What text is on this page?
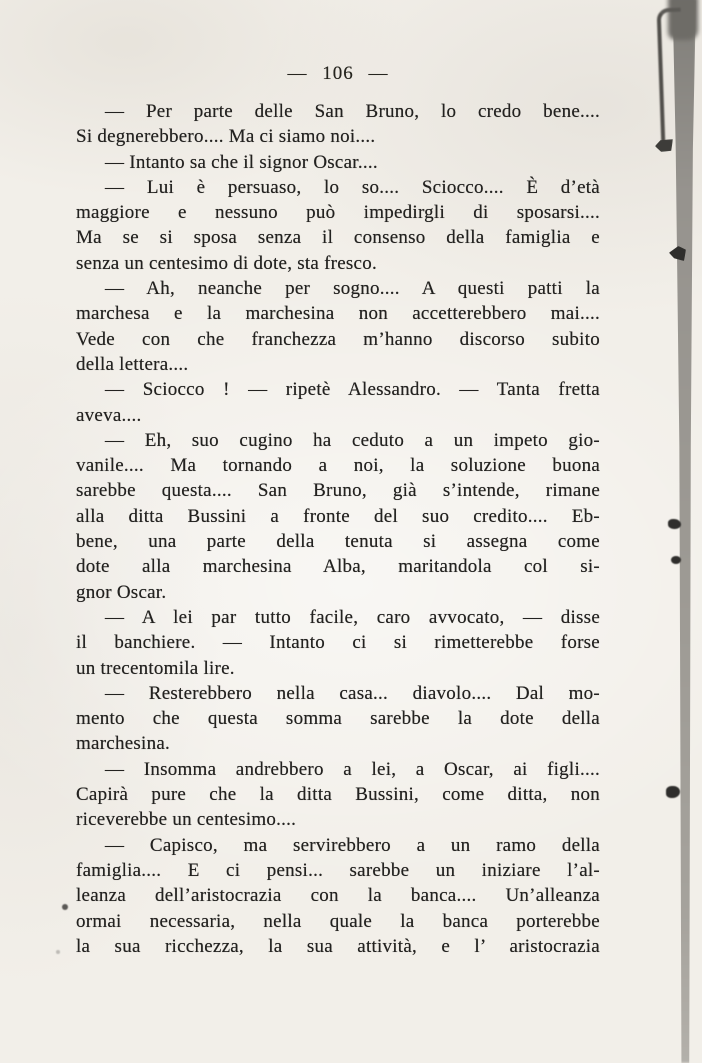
— 106 —
— Per parte delle San Bruno, lo credo bene....
Si degnerebbero.... Ma ci siamo noi....
— Intanto sa che il signor Oscar....
— Lui è persuaso, lo so.... Sciocco.... È d’età
maggiore e nessuno può impedirgli di sposarsi....
Ma se si sposa senza il consenso della famiglia e
senza un centesimo di dote, sta fresco.
— Ah, neanche per sogno.... A questi patti la
marchesa e la marchesina non accetterebbero mai....
Vede con che franchezza m’hanno discorso subito
della lettera....
— Sciocco ! — ripetè Alessandro. — Tanta fretta
aveva....
— Eh, suo cugino ha ceduto a un impeto gio-
vanile.... Ma tornando a noi, la soluzione buona
sarebbe questa.... San Bruno, già s’intende, rimane
alla ditta Bussini a fronte del suo credito.... Eb-
bene, una parte della tenuta si assegna come
dote alla marchesina Alba, maritandola col si-
gnor Oscar.
— A lei par tutto facile, caro avvocato, — disse
il banchiere. — Intanto ci si rimetterebbe forse
un trecentomila lire.
— Resterebbero nella casa... diavolo.... Dal mo-
mento che questa somma sarebbe la dote della
marchesina.
— Insomma andrebbero a lei, a Oscar, ai figli....
Capirà pure che la ditta Bussini, come ditta, non
riceverebbe un centesimo....
— Capisco, ma servirebbero a un ramo della
famiglia.... E ci pensi... sarebbe un iniziare l’al-
leanza dell’aristocrazia con la banca.... Un’alleanza
ormai necessaria, nella quale la banca porterebbe
la sua ricchezza, la sua attività, e l’ aristocrazia
